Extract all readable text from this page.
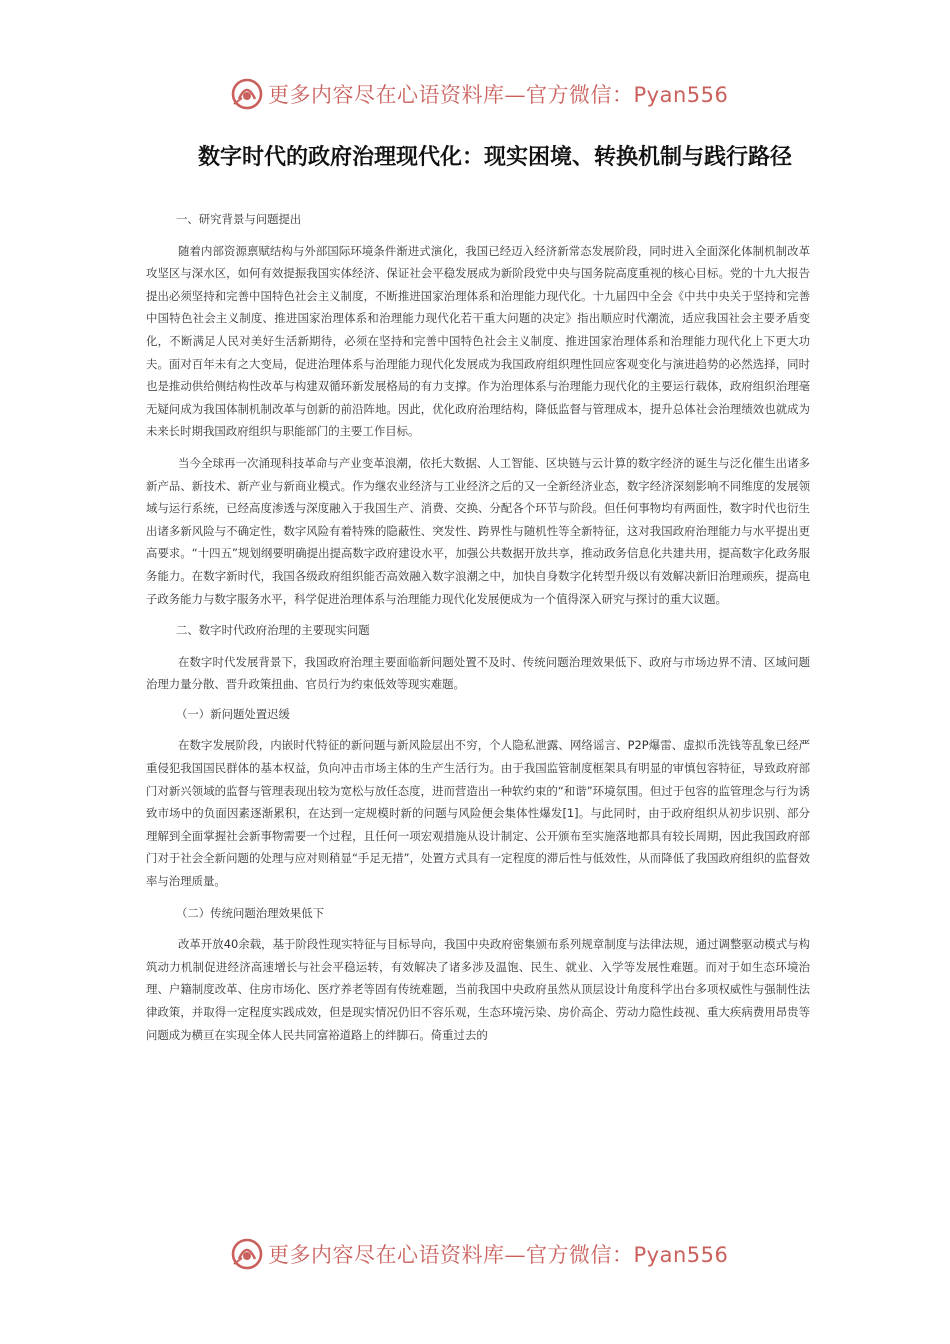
更多内容尽在心语资料库—官方微信：Pyan556
数字时代的政府治理现代化：现实困境、转换机制与践行路径

一、研究背景与问题提出

随着内部资源禀赋结构与外部国际环境条件渐进式演化，我国已经迈入经济新常态发展阶段，同时进入全面深化体制机制改革攻坚区与深水区，如何有效提振我国实体经济、保证社会平稳发展成为新阶段党中央与国务院高度重视的核心目标。党的十九大报告提出必须坚持和完善中国特色社会主义制度，不断推进国家治理体系和治理能力现代化。十九届四中全会《中共中央关于坚持和完善中国特色社会主义制度、推进国家治理体系和治理能力现代化若干重大问题的决定》指出顺应时代潮流，适应我国社会主要矛盾变化，不断满足人民对美好生活新期待，必须在坚持和完善中国特色社会主义制度、推进国家治理体系和治理能力现代化上下更大功夫。面对百年未有之大变局，促进治理体系与治理能力现代化发展成为我国政府组织理性回应客观变化与演进趋势的必然选择，同时也是推动供给侧结构性改革与构建双循环新发展格局的有力支撑。作为治理体系与治理能力现代化的主要运行载体，政府组织治理毫无疑问成为我国体制机制改革与创新的前沿阵地。因此，优化政府治理结构，降低监督与管理成本，提升总体社会治理绩效也就成为未来长时期我国政府组织与职能部门的主要工作目标。

当今全球再一次涌现科技革命与产业变革浪潮，依托大数据、人工智能、区块链与云计算的数字经济的诞生与泛化催生出诸多新产品、新技术、新产业与新商业模式。作为继农业经济与工业经济之后的又一全新经济业态，数字经济深刻影响不同维度的发展领域与运行系统，已经高度渗透与深度融入于我国生产、消费、交换、分配各个环节与阶段。但任何事物均有两面性，数字时代也衍生出诸多新风险与不确定性，数字风险有着特殊的隐蔽性、突发性、跨界性与随机性等全新特征，这对我国政府治理能力与水平提出更高要求。“十四五”规划纲要明确提出提高数字政府建设水平，加强公共数据开放共享，推动政务信息化共建共用，提高数字化政务服务能力。在数字新时代，我国各级政府组织能否高效融入数字浪潮之中，加快自身数字化转型升级以有效解决新旧治理顽疾，提高电子政务能力与数字服务水平，科学促进治理体系与治理能力现代化发展便成为一个值得深入研究与探讨的重大议题。

二、数字时代政府治理的主要现实问题

在数字时代发展背景下，我国政府治理主要面临新问题处置不及时、传统问题治理效果低下、政府与市场边界不清、区域问题治理力量分散、晋升政策扭曲、官员行为约束低效等现实难题。

（一）新问题处置迟缓

在数字发展阶段，内嵌时代特征的新问题与新风险层出不穷，个人隐私泄露、网络谣言、P2P爆雷、虚拟币洗钱等乱象已经严重侵犯我国国民群体的基本权益，负向冲击市场主体的生产生活行为。由于我国监管制度框架具有明显的审慎包容特征，导致政府部门对新兴领域的监督与管理表现出较为宽松与放任态度，进而营造出一种软约束的“和谐”环境氛围。但过于包容的监管理念与行为诱致市场中的负面因素逐渐累积，在达到一定规模时新的问题与风险便会集体性爆发[1]。与此同时，由于政府组织从初步识别、部分理解到全面掌握社会新事物需要一个过程，且任何一项宏观措施从设计制定、公开颁布至实施落地都具有较长周期，因此我国政府部门对于社会全新问题的处理与应对则稍显“手足无措”，处置方式具有一定程度的滞后性与低效性，从而降低了我国政府组织的监督效率与治理质量。

（二）传统问题治理效果低下

改革开放40余载，基于阶段性现实特征与目标导向，我国中央政府密集颁布系列规章制度与法律法规，通过调整驱动模式与构筑动力机制促进经济高速增长与社会平稳运转，有效解决了诸多涉及温饱、民生、就业、入学等发展性难题。而对于如生态环境治理、户籍制度改革、住房市场化、医疗养老等固有传统难题，当前我国中央政府虽然从顶层设计角度科学出台多项权威性与强制性法律政策，并取得一定程度实践成效，但是现实情况仍旧不容乐观，生态环境污染、房价高企、劳动力隐性歧视、重大疾病费用昂贵等问题成为横亘在实现全体人民共同富裕道路上的绊脚石。倚重过去的

更多内容尽在心语资料库—官方微信：Pyan556
